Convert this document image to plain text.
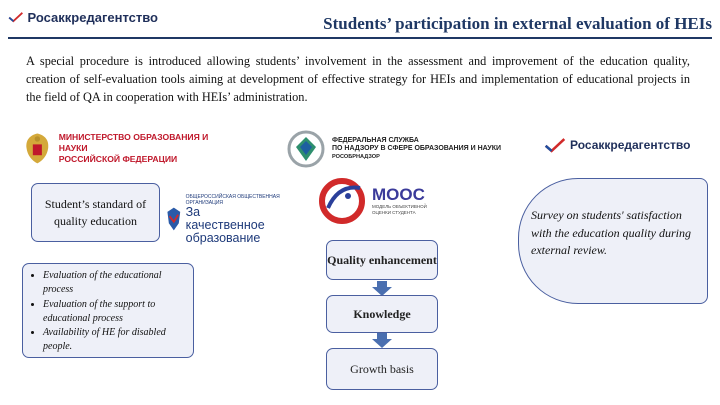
Росаккредагентство	Students’ participation in external evaluation of HEIs
A special procedure is introduced allowing students’ involvement in the assessment and improvement of the education quality, creation of self-evaluation tools aiming at development of effective strategy for HEIs and implementation of educational projects in the field of QA in cooperation with HEIs’ administration.
МИНИСТЕРСТВО ОБРАЗОВАНИЯ И НАУКИ
РОССИЙСКОЙ ФЕДЕРАЦИИ
ФЕДЕРАЛЬНАЯ СЛУЖБА
ПО НАДЗОРУ В СФЕРЕ ОБРАЗОВАНИЯ И НАУКИ
РОСОБРНАДЗОР
Росаккредагентство
Student’s standard of quality education
ОБЩЕРОССИЙСКАЯ ОБЩЕСТВЕННАЯ ОРГАНИЗАЦИЯ
За качественное
образование
• Evaluation of the educational process
• Evaluation of the support to educational process
• Availability of HE for disabled people.
МООС
МОДЕЛЬ ОБЪЕКТИВНОЙ
ОЦЕНКИ СТУДЕНТА
Quality enhancement
Knowledge
Growth basis
Survey on students' satisfaction with the education quality during external review.
